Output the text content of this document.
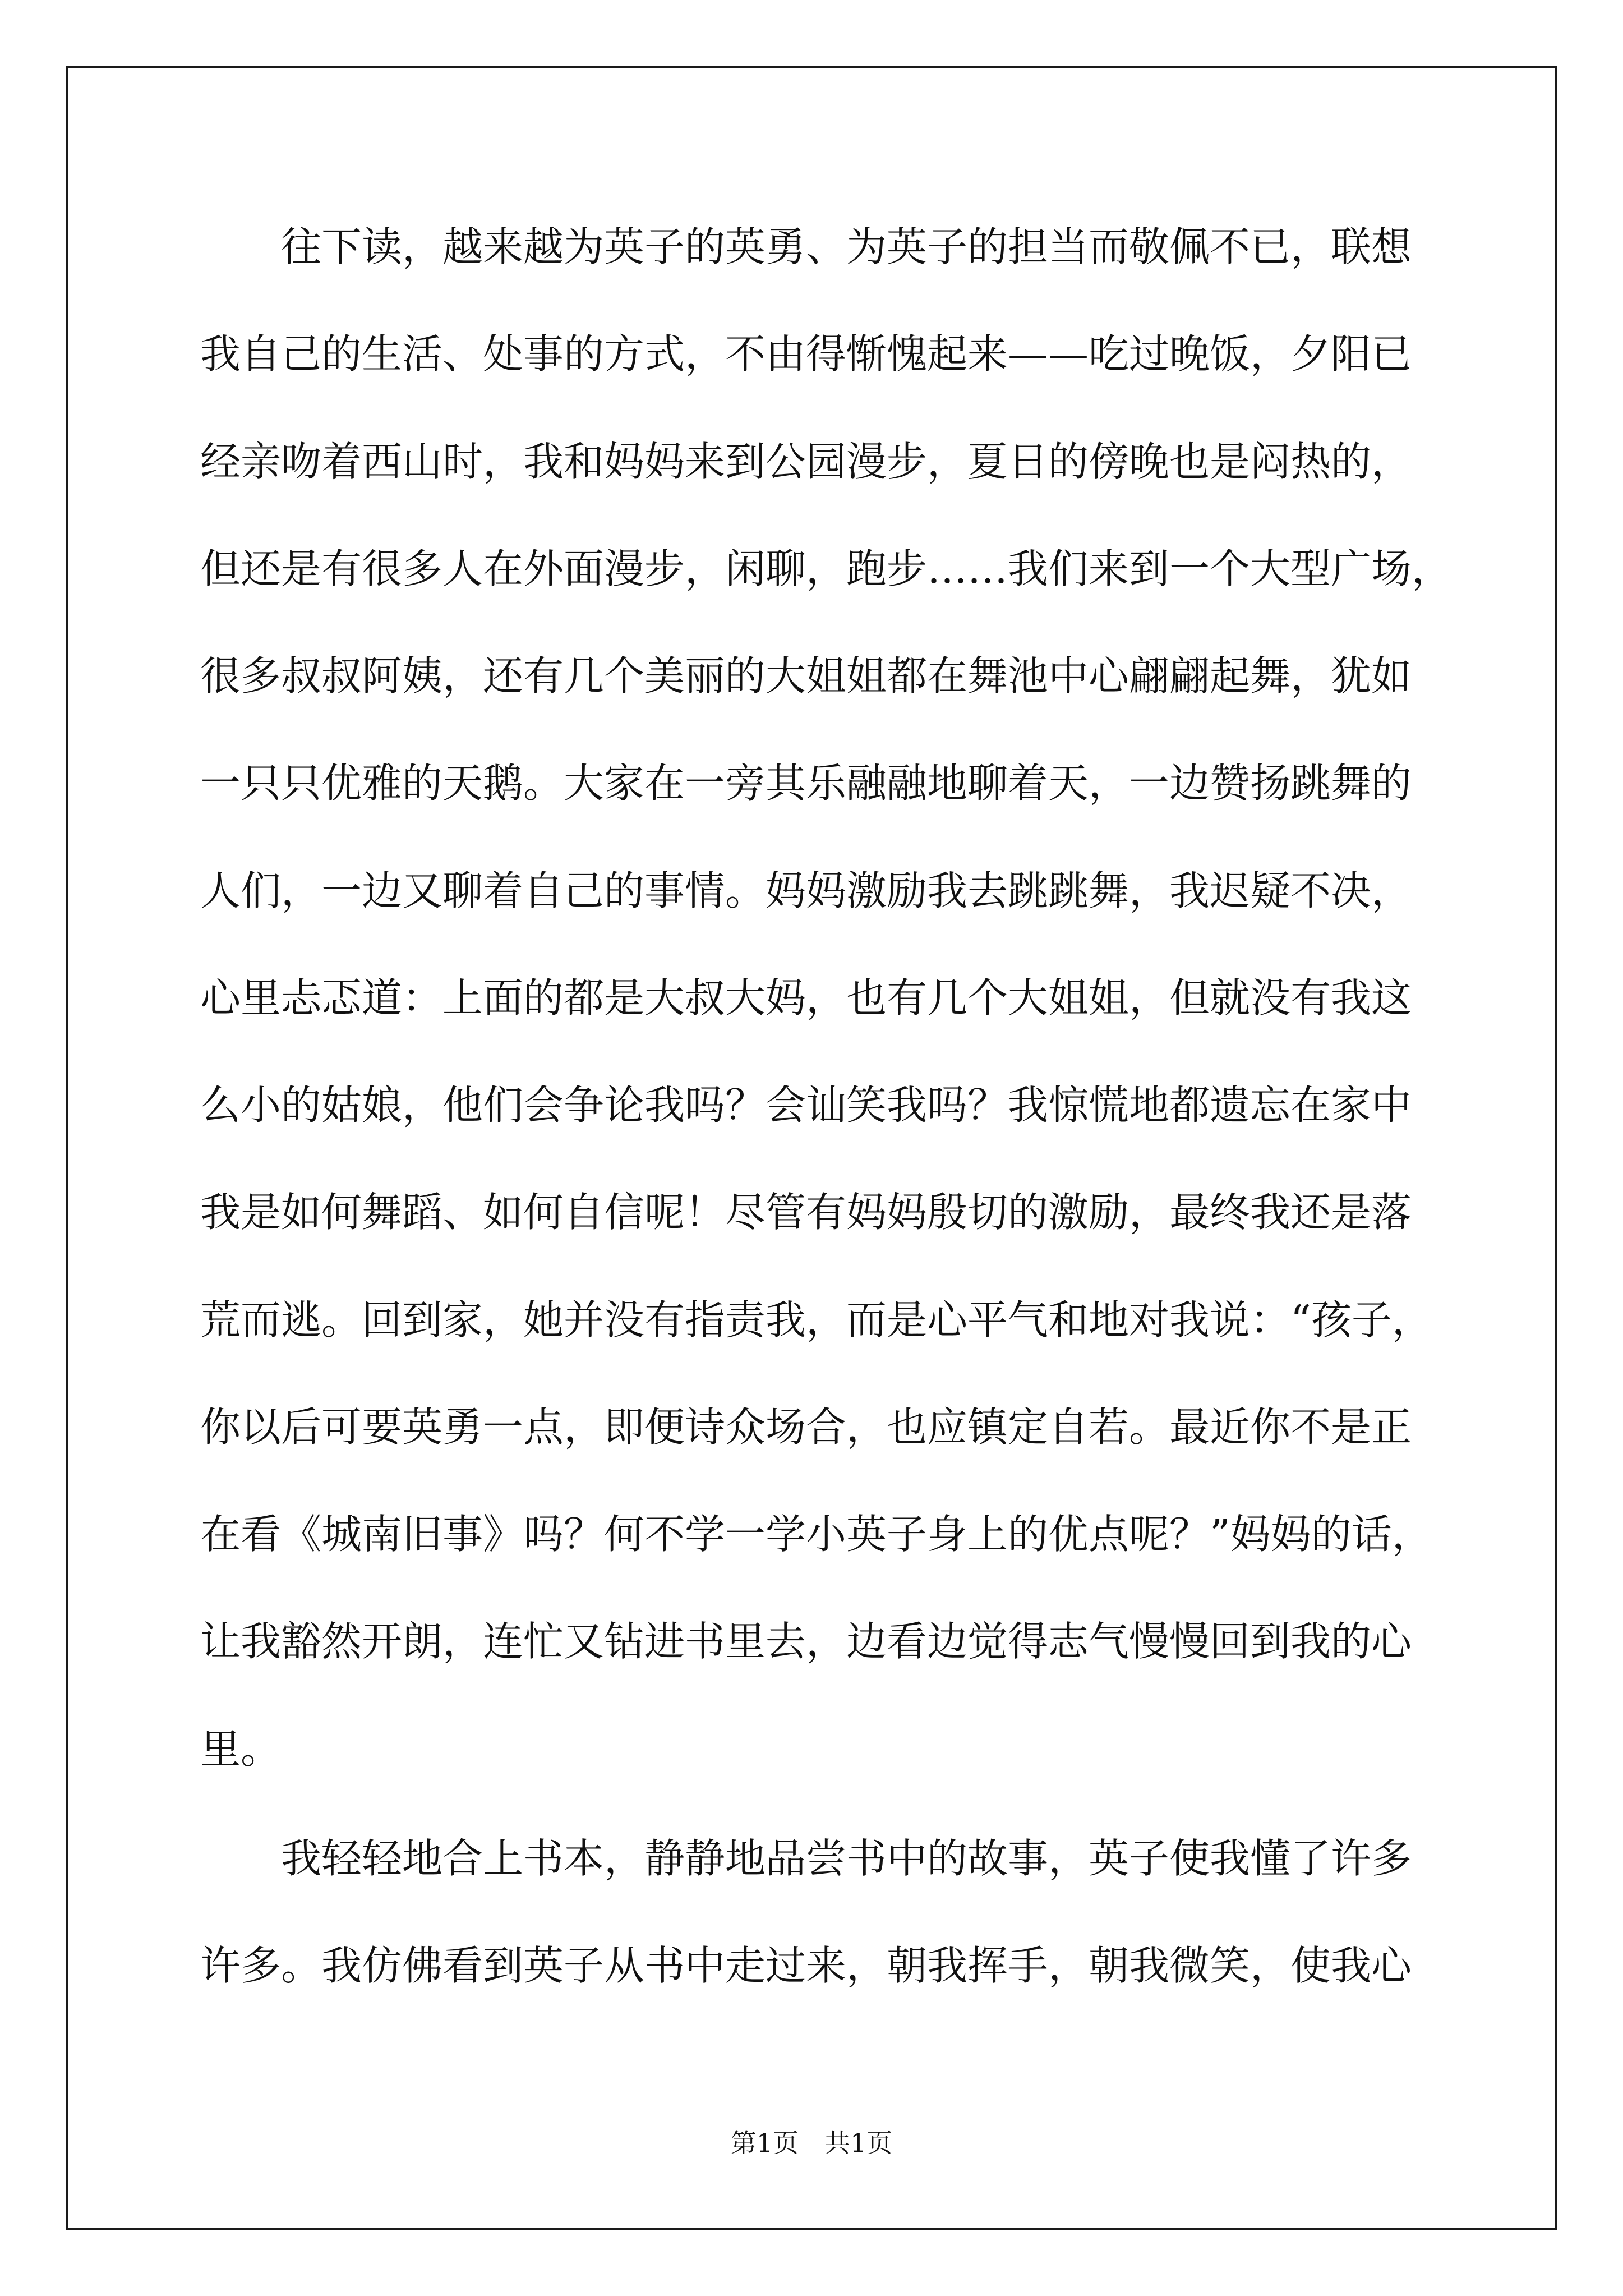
　　往下读，越来越为英子的英勇、为英子的担当而敬佩不已，联想
我自己的生活、处事的方式，不由得惭愧起来——吃过晚饭，夕阳已
经亲吻着西山时，我和妈妈来到公园漫步，夏日的傍晚也是闷热的，
但还是有很多人在外面漫步，闲聊，跑步……我们来到一个大型广场，
很多叔叔阿姨，还有几个美丽的大姐姐都在舞池中心翩翩起舞，犹如
一只只优雅的天鹅。大家在一旁其乐融融地聊着天，一边赞扬跳舞的
人们，一边又聊着自己的事情。妈妈激励我去跳跳舞，我迟疑不决，
心里忐忑道：上面的都是大叔大妈，也有几个大姐姐，但就没有我这
么小的姑娘，他们会争论我吗？会讪笑我吗？我惊慌地都遗忘在家中
我是如何舞蹈、如何自信呢！尽管有妈妈殷切的激励，最终我还是落
荒而逃。回到家，她并没有指责我，而是心平气和地对我说：“孩子，
你以后可要英勇一点，即便诗众场合，也应镇定自若。最近你不是正
在看《城南旧事》吗？何不学一学小英子身上的优点呢？”妈妈的话，
让我豁然开朗，连忙又钻进书里去，边看边觉得志气慢慢回到我的心
里。
　　我轻轻地合上书本，静静地品尝书中的故事，英子使我懂了许多
许多。我仿佛看到英子从书中走过来，朝我挥手，朝我微笑，使我心
第1页　共1页
